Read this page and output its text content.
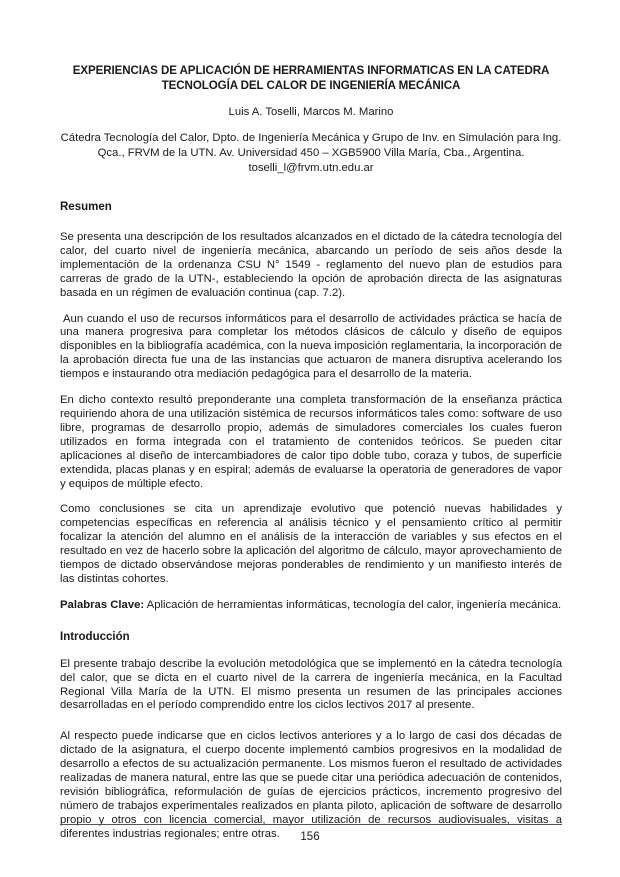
EXPERIENCIAS DE APLICACIÓN DE HERRAMIENTAS INFORMATICAS EN LA CATEDRA TECNOLOGÍA DEL CALOR DE INGENIERÍA MECÁNICA
Luis A. Toselli, Marcos M. Marino
Cátedra Tecnología del Calor, Dpto. de Ingeniería Mecánica y Grupo de Inv. en Simulación para Ing. Qca., FRVM de la UTN. Av. Universidad 450 – XGB5900 Villa María, Cba., Argentina.
toselli_l@frvm.utn.edu.ar
Resumen
Se presenta una descripción de los resultados alcanzados en el dictado de la cátedra tecnología del calor, del cuarto nivel de ingeniería mecánica, abarcando un período de seis años desde la implementación de la ordenanza CSU N° 1549 - reglamento del nuevo plan de estudios para carreras de grado de la UTN-, estableciendo la opción de aprobación directa de las asignaturas basada en un régimen de evaluación continua (cap. 7.2).
Aun cuando el uso de recursos informáticos para el desarrollo de actividades práctica se hacía de una manera progresiva para completar los métodos clásicos de cálculo y diseño de equipos disponibles en la bibliografía académica, con la nueva imposición reglamentaria, la incorporación de la aprobación directa fue una de las instancias que actuaron de manera disruptiva acelerando los tiempos e instaurando otra mediación pedagógica para el desarrollo de la materia.
En dicho contexto resultó preponderante una completa transformación de la enseñanza práctica requiriendo ahora de una utilización sistémica de recursos informáticos tales como: software de uso libre, programas de desarrollo propio, además de simuladores comerciales los cuales fueron utilizados en forma integrada con el tratamiento de contenidos teóricos. Se pueden citar aplicaciones al diseño de intercambiadores de calor tipo doble tubo, coraza y tubos, de superficie extendida, placas planas y en espiral; además de evaluarse la operatoria de generadores de vapor y equipos de múltiple efecto.
Como conclusiones se cita un aprendizaje evolutivo que potenció nuevas habilidades y competencias específicas en referencia al análisis técnico y el pensamiento crítico al permitir focalizar la atención del alumno en el análisis de la interacción de variables y sus efectos en el resultado en vez de hacerlo sobre la aplicación del algoritmo de cálculo, mayor aprovechamiento de tiempos de dictado observándose mejoras ponderables de rendimiento y un manifiesto interés de las distintas cohortes.
Palabras Clave: Aplicación de herramientas informáticas, tecnología del calor, ingeniería mecánica.
Introducción
El presente trabajo describe la evolución metodológica que se implementó en la cátedra tecnología del calor, que se dicta en el cuarto nivel de la carrera de ingeniería mecánica, en la Facultad Regional Villa María de la UTN. El mismo presenta un resumen de las principales acciones desarrolladas en el período comprendido entre los ciclos lectivos 2017 al presente.
Al respecto puede indicarse que en ciclos lectivos anteriores y a lo largo de casi dos décadas de dictado de la asignatura, el cuerpo docente implementó cambios progresivos en la modalidad de desarrollo a efectos de su actualización permanente. Los mismos fueron el resultado de actividades realizadas de manera natural, entre las que se puede citar una periódica adecuación de contenidos, revisión bibliográfica, reformulación de guías de ejercicios prácticos, incremento progresivo del número de trabajos experimentales realizados en planta piloto, aplicación de software de desarrollo propio y otros con licencia comercial, mayor utilización de recursos audiovisuales, visitas a diferentes industrias regionales; entre otras.	156
